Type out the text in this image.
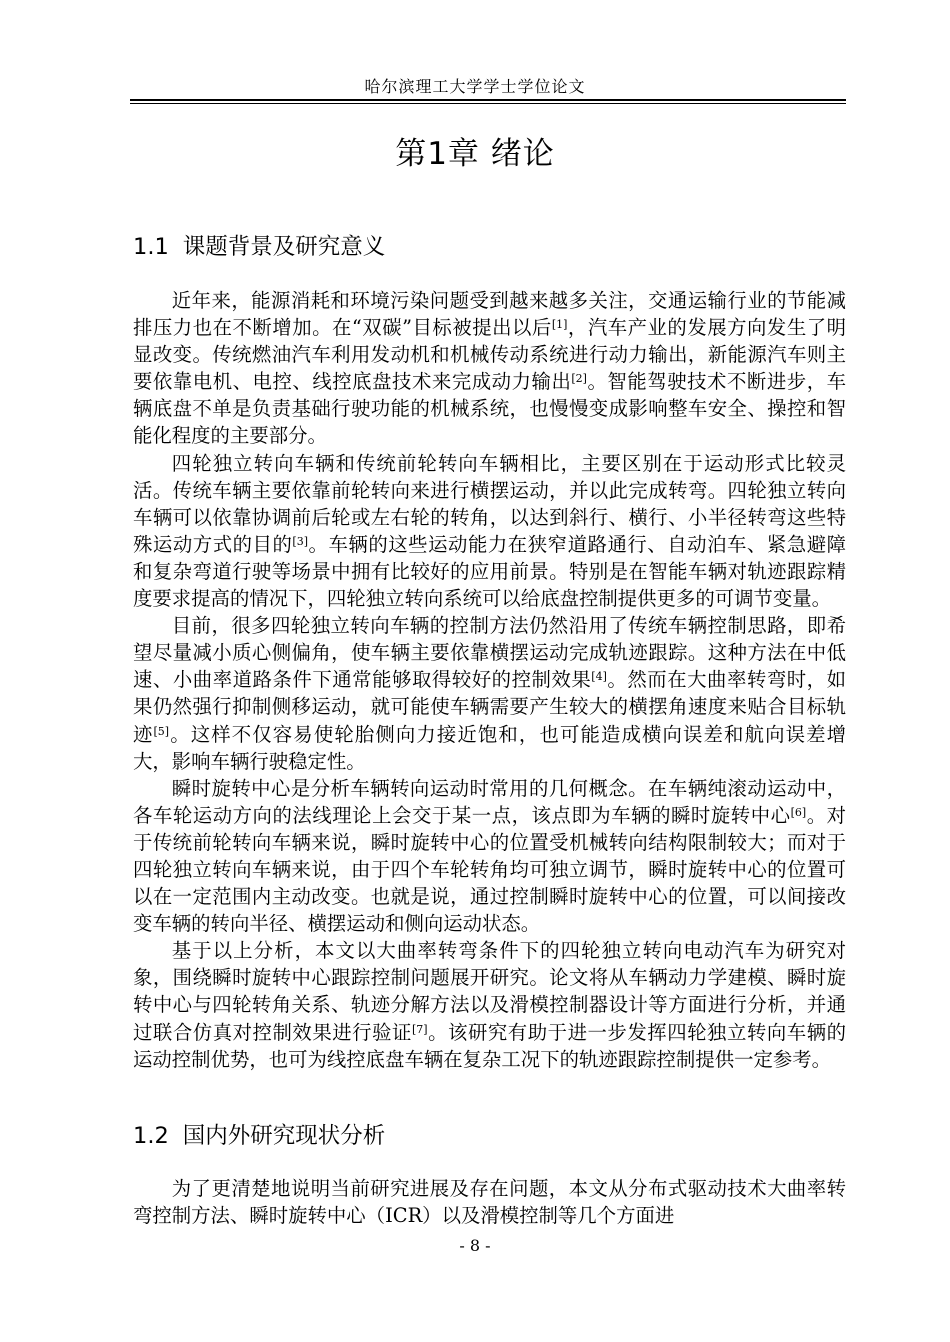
哈尔滨理工大学学士学位论文
第1章 绪论
1.1 课题背景及研究意义

近年来，能源消耗和环境污染问题受到越来越多关注，交通运输行业的节能减排压力也在不断增加。在“双碳”目标被提出以后[1]，汽车产业的发展方向发生了明显改变。传统燃油汽车利用发动机和机械传动系统进行动力输出，新能源汽车则主要依靠电机、电控、线控底盘技术来完成动力输出[2]。智能驾驶技术不断进步，车辆底盘不单是负责基础行驶功能的机械系统，也慢慢变成影响整车安全、操控和智能化程度的主要部分。

四轮独立转向车辆和传统前轮转向车辆相比，主要区别在于运动形式比较灵活。传统车辆主要依靠前轮转向来进行横摆运动，并以此完成转弯。四轮独立转向车辆可以依靠协调前后轮或左右轮的转角，以达到斜行、横行、小半径转弯这些特殊运动方式的目的[3]。车辆的这些运动能力在狭窄道路通行、自动泊车、紧急避障和复杂弯道行驶等场景中拥有比较好的应用前景。特别是在智能车辆对轨迹跟踪精度要求提高的情况下，四轮独立转向系统可以给底盘控制提供更多的可调节变量。

目前，很多四轮独立转向车辆的控制方法仍然沿用了传统车辆控制思路，即希望尽量减小质心侧偏角，使车辆主要依靠横摆运动完成轨迹跟踪。这种方法在中低速、小曲率道路条件下通常能够取得较好的控制效果[4]。然而在大曲率转弯时，如果仍然强行抑制侧移运动，就可能使车辆需要产生较大的横摆角速度来贴合目标轨迹[5]。这样不仅容易使轮胎侧向力接近饱和，也可能造成横向误差和航向误差增大，影响车辆行驶稳定性。

瞬时旋转中心是分析车辆转向运动时常用的几何概念。在车辆纯滚动运动中，各车轮运动方向的法线理论上会交于某一点，该点即为车辆的瞬时旋转中心[6]。对于传统前轮转向车辆来说，瞬时旋转中心的位置受机械转向结构限制较大；而对于四轮独立转向车辆来说，由于四个车轮转角均可独立调节，瞬时旋转中心的位置可以在一定范围内主动改变。也就是说，通过控制瞬时旋转中心的位置，可以间接改变车辆的转向半径、横摆运动和侧向运动状态。

基于以上分析，本文以大曲率转弯条件下的四轮独立转向电动汽车为研究对象，围绕瞬时旋转中心跟踪控制问题展开研究。论文将从车辆动力学建模、瞬时旋转中心与四轮转角关系、轨迹分解方法以及滑模控制器设计等方面进行分析，并通过联合仿真对控制效果进行验证[7]。该研究有助于进一步发挥四轮独立转向车辆的运动控制优势，也可为线控底盘车辆在复杂工况下的轨迹跟踪控制提供一定参考。

1.2 国内外研究现状分析

为了更清楚地说明当前研究进展及存在问题，本文从分布式驱动技术大曲率转弯控制方法、瞬时旋转中心（ICR）以及滑模控制等几个方面进

- 8 -
